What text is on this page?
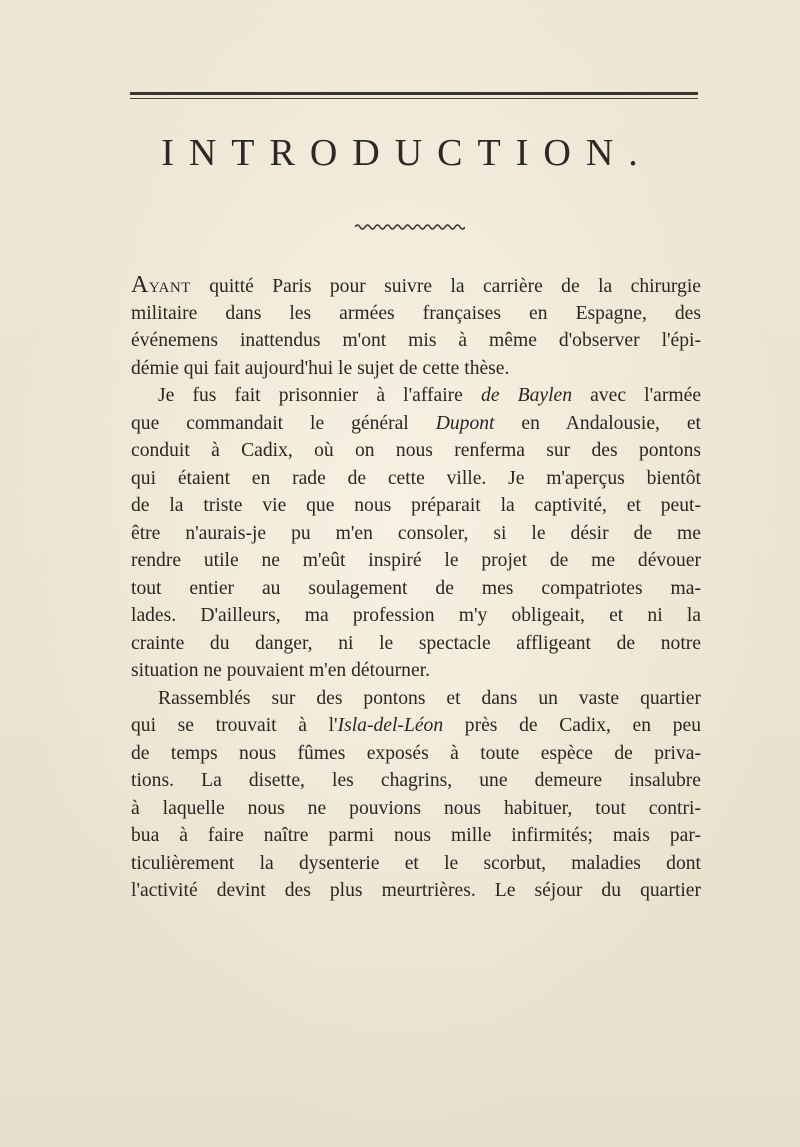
INTRODUCTION.
AYANT quitté Paris pour suivre la carrière de la chirurgie
militaire dans les armées françaises en Espagne, des
événemens inattendus m'ont mis à même d'observer l'épi-
démie qui fait aujourd'hui le sujet de cette thèse.
Je fus fait prisonnier à l'affaire de Baylen avec l'armée
que commandait le général Dupont en Andalousie, et
conduit à Cadix, où on nous renferma sur des pontons
qui étaient en rade de cette ville. Je m'aperçus bientôt
de la triste vie que nous préparait la captivité, et peut-
être n'aurais-je pu m'en consoler, si le désir de me
rendre utile ne m'eût inspiré le projet de me dévouer
tout entier au soulagement de mes compatriotes ma-
lades. D'ailleurs, ma profession m'y obligeait, et ni la
crainte du danger, ni le spectacle affligeant de notre
situation ne pouvaient m'en détourner.
Rassemblés sur des pontons et dans un vaste quartier
qui se trouvait à l'Isla-del-Léon près de Cadix, en peu
de temps nous fûmes exposés à toute espèce de priva-
tions. La disette, les chagrins, une demeure insalubre
à laquelle nous ne pouvions nous habituer, tout contri-
bua à faire naître parmi nous mille infirmités; mais par-
ticulièrement la dysenterie et le scorbut, maladies dont
l'activité devint des plus meurtrières. Le séjour du quartier
